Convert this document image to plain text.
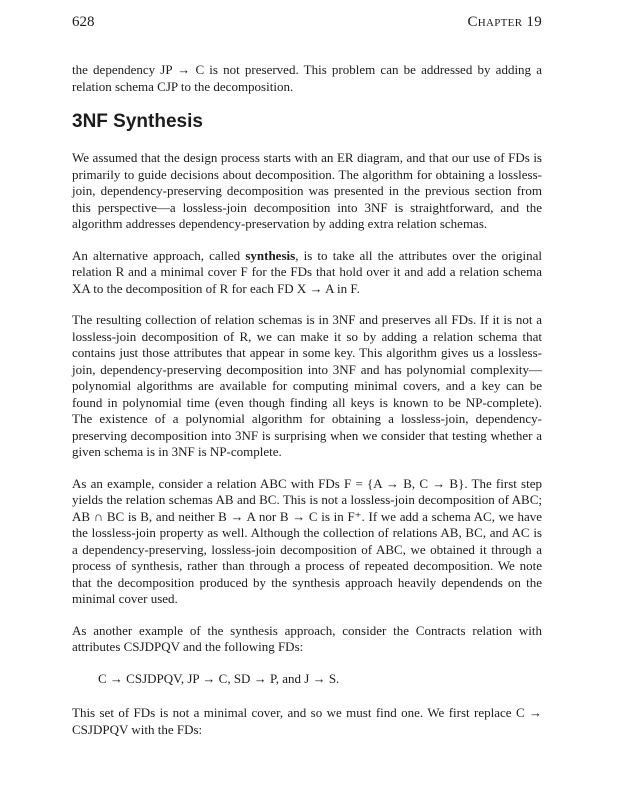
628	Chapter 19

the dependency JP → C is not preserved. This problem can be addressed by adding a relation schema CJP to the decomposition.

3NF Synthesis

We assumed that the design process starts with an ER diagram, and that our use of FDs is primarily to guide decisions about decomposition. The algorithm for obtaining a lossless-join, dependency-preserving decomposition was presented in the previous section from this perspective—a lossless-join decomposition into 3NF is straightforward, and the algorithm addresses dependency-preservation by adding extra relation schemas.

An alternative approach, called synthesis, is to take all the attributes over the original relation R and a minimal cover F for the FDs that hold over it and add a relation schema XA to the decomposition of R for each FD X → A in F.

The resulting collection of relation schemas is in 3NF and preserves all FDs. If it is not a lossless-join decomposition of R, we can make it so by adding a relation schema that contains just those attributes that appear in some key. This algorithm gives us a lossless-join, dependency-preserving decomposition into 3NF and has polynomial complexity—polynomial algorithms are available for computing minimal covers, and a key can be found in polynomial time (even though finding all keys is known to be NP-complete). The existence of a polynomial algorithm for obtaining a lossless-join, dependency-preserving decomposition into 3NF is surprising when we consider that testing whether a given schema is in 3NF is NP-complete.

As an example, consider a relation ABC with FDs F = {A → B, C → B}. The first step yields the relation schemas AB and BC. This is not a lossless-join decomposition of ABC; AB ∩ BC is B, and neither B → A nor B → C is in F⁺. If we add a schema AC, we have the lossless-join property as well. Although the collection of relations AB, BC, and AC is a dependency-preserving, lossless-join decomposition of ABC, we obtained it through a process of synthesis, rather than through a process of repeated decomposition. We note that the decomposition produced by the synthesis approach heavily dependends on the minimal cover used.

As another example of the synthesis approach, consider the Contracts relation with attributes CSJDPQV and the following FDs:

C → CSJDPQV, JP → C, SD → P, and J → S.

This set of FDs is not a minimal cover, and so we must find one. We first replace C → CSJDPQV with the FDs:
